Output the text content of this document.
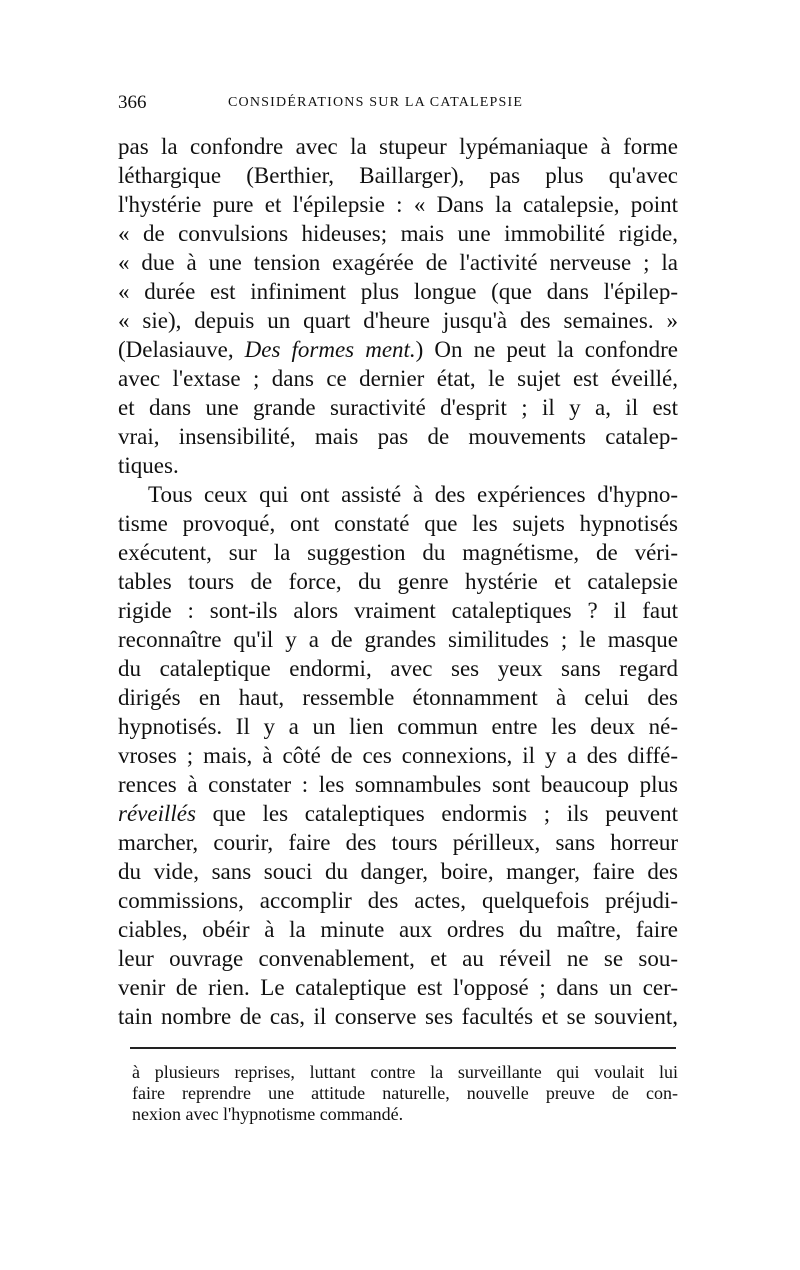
366	CONSIDÉRATIONS SUR LA CATALEPSIE
pas la confondre avec la stupeur lypémaniaque à forme
léthargique (Berthier, Baillarger), pas plus qu'avec
l'hystérie pure et l'épilepsie : « Dans la catalepsie, point
« de convulsions hideuses; mais une immobilité rigide,
« due à une tension exagérée de l'activité nerveuse ; la
« durée est infiniment plus longue (que dans l'épilep-
« sie), depuis un quart d'heure jusqu'à des semaines. »
(Delasiauve, Des formes ment.) On ne peut la confondre
avec l'extase ; dans ce dernier état, le sujet est éveillé,
et dans une grande suractivité d'esprit ; il y a, il est
vrai, insensibilité, mais pas de mouvements catalep-
tiques.
Tous ceux qui ont assisté à des expériences d'hypno-
tisme provoqué, ont constaté que les sujets hypnotisés
exécutent, sur la suggestion du magnétisme, de véri-
tables tours de force, du genre hystérie et catalepsie
rigide : sont-ils alors vraiment cataleptiques ? il faut
reconnaître qu'il y a de grandes similitudes ; le masque
du cataleptique endormi, avec ses yeux sans regard
dirigés en haut, ressemble étonnamment à celui des
hypnotisés. Il y a un lien commun entre les deux né-
vroses ; mais, à côté de ces connexions, il y a des diffé-
rences à constater : les somnambules sont beaucoup plus
réveillés que les cataleptiques endormis ; ils peuvent
marcher, courir, faire des tours périlleux, sans horreur
du vide, sans souci du danger, boire, manger, faire des
commissions, accomplir des actes, quelquefois préjudi-
ciables, obéir à la minute aux ordres du maître, faire
leur ouvrage convenablement, et au réveil ne se sou-
venir de rien. Le cataleptique est l'opposé ; dans un cer-
tain nombre de cas, il conserve ses facultés et se souvient,
à plusieurs reprises, luttant contre la surveillante qui voulait lui
faire reprendre une attitude naturelle, nouvelle preuve de con-
nexion avec l'hypnotisme commandé.
